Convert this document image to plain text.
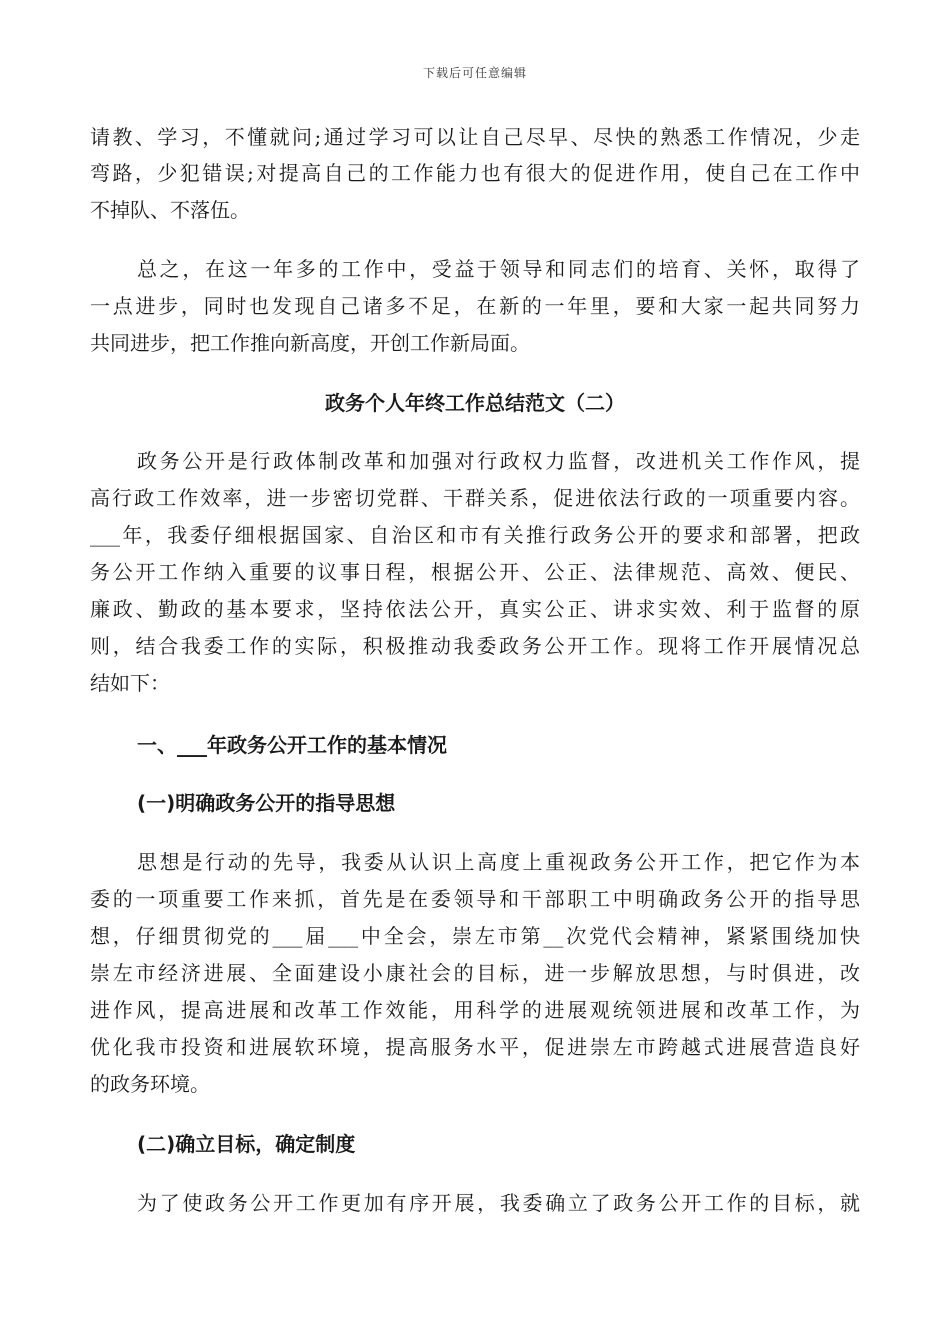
下载后可任意编辑
请教、学习，不懂就问;通过学习可以让自己尽早、尽快的熟悉工作情况，少走
弯路，少犯错误;对提高自己的工作能力也有很大的促进作用，使自己在工作中
不掉队、不落伍。
总之，在这一年多的工作中，受益于领导和同志们的培育、关怀，取得了
一点进步，同时也发现自己诸多不足，在新的一年里，要和大家一起共同努力
共同进步，把工作推向新高度，开创工作新局面。
政务个人年终工作总结范文（二）
政务公开是行政体制改革和加强对行政权力监督，改进机关工作作风，提
高行政工作效率，进一步密切党群、干群关系，促进依法行政的一项重要内容。
___年，我委仔细根据国家、自治区和市有关推行政务公开的要求和部署，把政
务公开工作纳入重要的议事日程，根据公开、公正、法律规范、高效、便民、
廉政、勤政的基本要求，坚持依法公开，真实公正、讲求实效、利于监督的原
则，结合我委工作的实际，积极推动我委政务公开工作。现将工作开展情况总
结如下：
一、___年政务公开工作的基本情况
(一)明确政务公开的指导思想
思想是行动的先导，我委从认识上高度上重视政务公开工作，把它作为本
委的一项重要工作来抓，首先是在委领导和干部职工中明确政务公开的指导思
想，仔细贯彻党的___届___中全会，崇左市第__次党代会精神，紧紧围绕加快
崇左市经济进展、全面建设小康社会的目标，进一步解放思想，与时俱进，改
进作风，提高进展和改革工作效能，用科学的进展观统领进展和改革工作，为
优化我市投资和进展软环境，提高服务水平，促进崇左市跨越式进展营造良好
的政务环境。
(二)确立目标，确定制度
为了使政务公开工作更加有序开展，我委确立了政务公开工作的目标，就
